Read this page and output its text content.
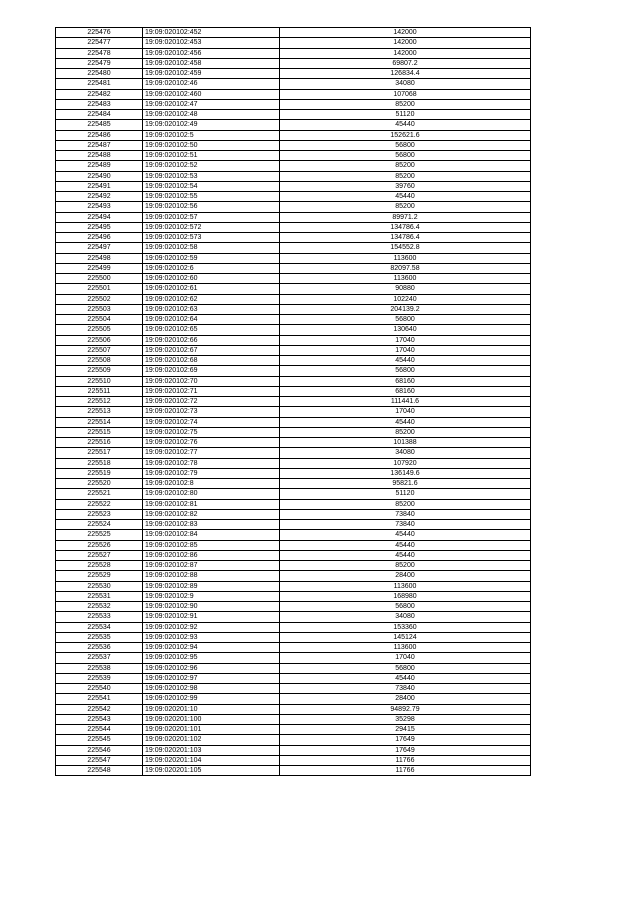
225476	19:09:020102:452	142000
225477	19:09:020102:453	142000
225478	19:09:020102:456	142000
225479	19:09:020102:458	69807.2
225480	19:09:020102:459	126834.4
225481	19:09:020102:46	34080
225482	19:09:020102:460	107068
225483	19:09:020102:47	85200
225484	19:09:020102:48	51120
225485	19:09:020102:49	45440
225486	19:09:020102:5	152621.6
225487	19:09:020102:50	56800
225488	19:09:020102:51	56800
225489	19:09:020102:52	85200
225490	19:09:020102:53	85200
225491	19:09:020102:54	39760
225492	19:09:020102:55	45440
225493	19:09:020102:56	85200
225494	19:09:020102:57	89971.2
225495	19:09:020102:572	134786.4
225496	19:09:020102:573	134786.4
225497	19:09:020102:58	154552.8
225498	19:09:020102:59	113600
225499	19:09:020102:6	82097.58
225500	19:09:020102:60	113600
225501	19:09:020102:61	90880
225502	19:09:020102:62	102240
225503	19:09:020102:63	204139.2
225504	19:09:020102:64	56800
225505	19:09:020102:65	130640
225506	19:09:020102:66	17040
225507	19:09:020102:67	17040
225508	19:09:020102:68	45440
225509	19:09:020102:69	56800
225510	19:09:020102:70	68160
225511	19:09:020102:71	68160
225512	19:09:020102:72	111441.6
225513	19:09:020102:73	17040
225514	19:09:020102:74	45440
225515	19:09:020102:75	85200
225516	19:09:020102:76	101388
225517	19:09:020102:77	34080
225518	19:09:020102:78	107920
225519	19:09:020102:79	136149.6
225520	19:09:020102:8	95821.6
225521	19:09:020102:80	51120
225522	19:09:020102:81	85200
225523	19:09:020102:82	73840
225524	19:09:020102:83	73840
225525	19:09:020102:84	45440
225526	19:09:020102:85	45440
225527	19:09:020102:86	45440
225528	19:09:020102:87	85200
225529	19:09:020102:88	28400
225530	19:09:020102:89	113600
225531	19:09:020102:9	168980
225532	19:09:020102:90	56800
225533	19:09:020102:91	34080
225534	19:09:020102:92	153360
225535	19:09:020102:93	145124
225536	19:09:020102:94	113600
225537	19:09:020102:95	17040
225538	19:09:020102:96	56800
225539	19:09:020102:97	45440
225540	19:09:020102:98	73840
225541	19:09:020102:99	28400
225542	19:09:020201:10	94892.79
225543	19:09:020201:100	35298
225544	19:09:020201:101	29415
225545	19:09:020201:102	17649
225546	19:09:020201:103	17649
225547	19:09:020201:104	11766
225548	19:09:020201:105	11766
